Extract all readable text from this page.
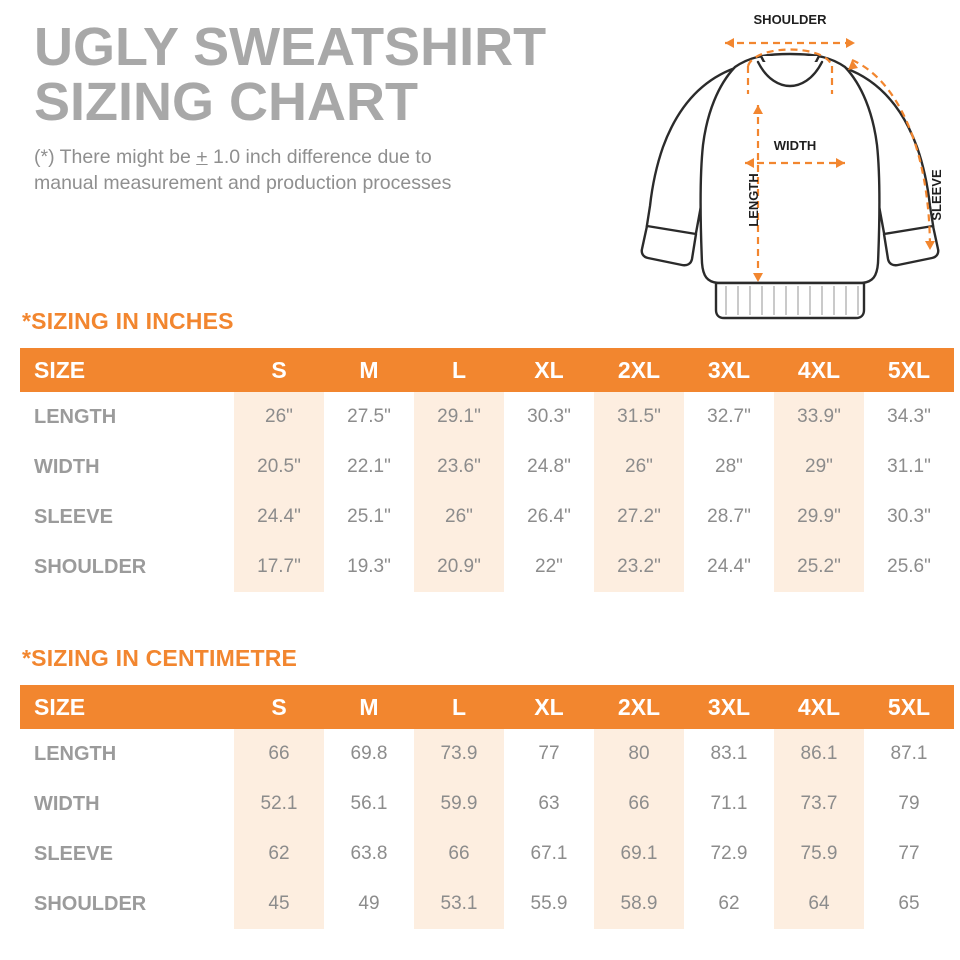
UGLY SWEATSHIRT
SIZING CHART
(*) There might be + 1.0 inch difference due to
manual measurement and production processes
SHOULDER
WIDTH
LENGTH	SLEEVE
*SIZING IN INCHES
SIZE	S	M	L	XL	2XL	3XL	4XL	5XL
LENGTH	26"	27.5"	29.1"	30.3"	31.5"	32.7"	33.9"	34.3"
WIDTH	20.5"	22.1"	23.6"	24.8"	26"	28"	29"	31.1"
SLEEVE	24.4"	25.1"	26"	26.4"	27.2"	28.7"	29.9"	30.3"
SHOULDER	17.7"	19.3"	20.9"	22"	23.2"	24.4"	25.2"	25.6"
*SIZING IN CENTIMETRE
SIZE	S	M	L	XL	2XL	3XL	4XL	5XL
LENGTH	66	69.8	73.9	77	80	83.1	86.1	87.1
WIDTH	52.1	56.1	59.9	63	66	71.1	73.7	79
SLEEVE	62	63.8	66	67.1	69.1	72.9	75.9	77
SHOULDER	45	49	53.1	55.9	58.9	62	64	65
